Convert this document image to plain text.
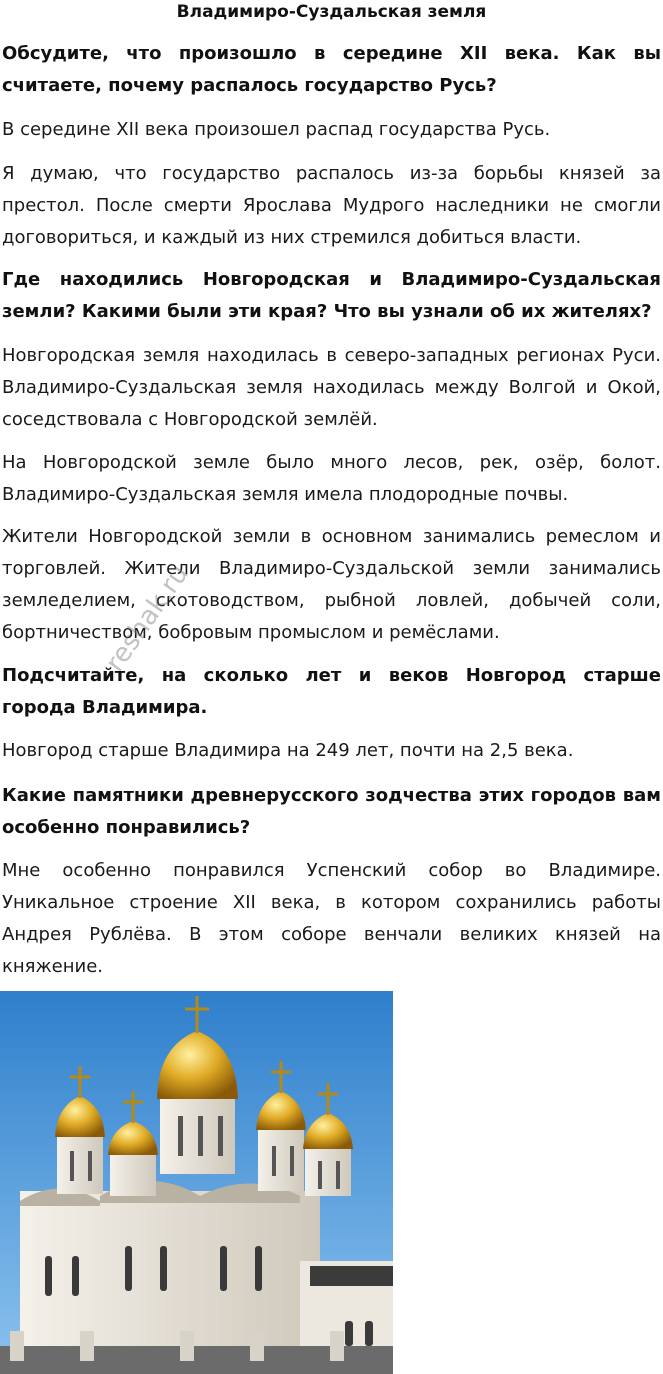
Владимиро-Суздальская земля

Обсудите, что произошло в середине XII века. Как вы считаете, почему распалось государство Русь?

В середине XII века произошел распад государства Русь.

Я думаю, что государство распалось из-за борьбы князей за престол. После смерти Ярослава Мудрого наследники не смогли договориться, и каждый из них стремился добиться власти.

Где находились Новгородская и Владимиро-Суздальская земли? Какими были эти края? Что вы узнали об их жителях?

Новгородская земля находилась в северо-западных регионах Руси. Владимиро-Суздальская земля находилась между Волгой и Окой, соседствовала с Новгородской землёй.

На Новгородской земле было много лесов, рек, озёр, болот. Владимиро-Суздальская земля имела плодородные почвы.

Жители Новгородской земли в основном занимались ремеслом и торговлей. Жители Владимиро-Суздальской земли занимались земледелием, скотоводством, рыбной ловлей, добычей соли, бортничеством, бобровым промыслом и ремёслами.

Подсчитайте, на сколько лет и веков Новгород старше города Владимира.

Новгород старше Владимира на 249 лет, почти на 2,5 века.

Какие памятники древнерусского зодчества этих городов вам особенно понравились?

Мне особенно понравился Успенский собор во Владимире. Уникальное строение XII века, в котором сохранились работы Андрея Рублёва. В этом соборе венчали великих князей на княжение.

reshak.ru
